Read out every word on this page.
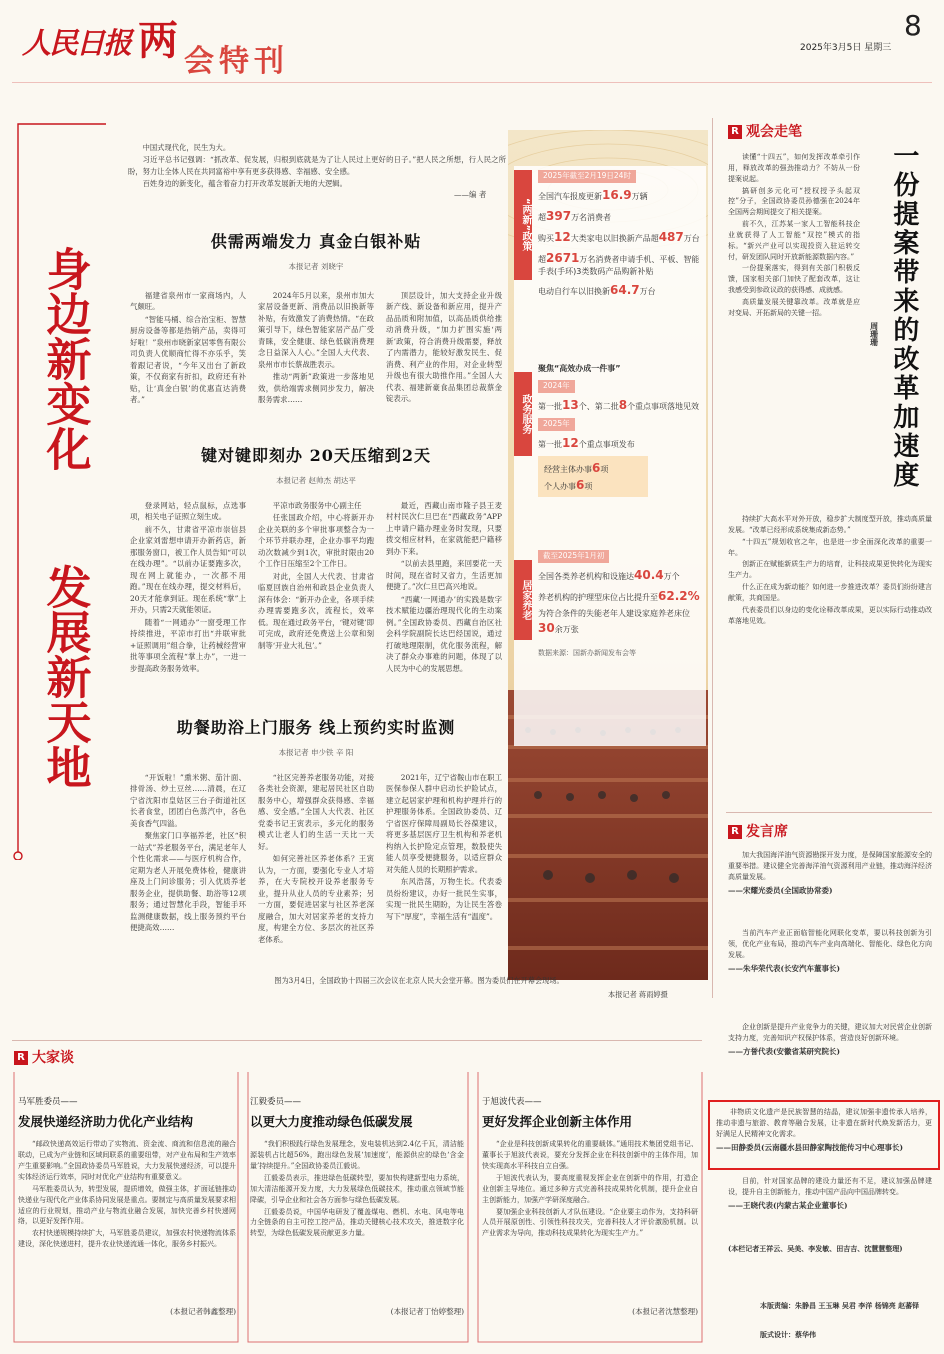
人民日报 两 会特刊
8
2025年3月5日 星期三
身边新变化
发展新天地

中国式现代化，民生为大。

习近平总书记强调：“抓改革、促发展，归根到底就是为了让人民过上更好的日子。”把人民之所想，行人民之所盼，努力让全体人民在共同富裕中享有更多获得感、幸福感、安全感。

百姓身边的新变化，蕴含着奋力打开改革发展新天地的大逻辑。

——编 者
供需两端发力 真金白银补贴
本报记者 刘晓宇

福建省泉州市一家商场内，人气颇旺。

“智能马桶、综合治宝柜、智慧厨房设备等都是热销产品，卖得可好啦！”泉州市晓新家居零售有限公司负责人优顺商忙得不亦乐乎，笑着跟记者说，“今年又出台了新政策，不仅商家有折扣，政府还有补贴，让‘真金白银’的优惠直达消费者。”

2024年5月以来，泉州市加大家居设备更新、消费品以旧换新等补贴，有效激发了消费热情。“在政策引导下，绿色智能家居产品广受青睐，安全健康、绿色低碳消费理念日益深入人心。”全国人大代表、泉州市市长蔡战胜表示。

推动“两新”政策进一步落地见效，供给端需求侧同步发力，解决服务需求……

顶层设计，加大支持企业升级新产线、新设备和新应用，提升产品品质和附加值，以高品质供给推动消费升级，“加力扩围实施‘两新’政策，符合消费升级需要，释放了内需潜力，能较好激发民生、促消费、利产业的作用，对企业转型升级也有很大助推作用。”全国人大代表、福建新豪食品集团总裁蔡金锭表示。

键对键即刻办 20天压缩到2天
本报记者 赵帅杰 胡达平

登录网站，轻点鼠标，点选事项，相关电子证照立刻生成。

前不久，甘肃省平凉市崇信县企业家刘雷想申请开办新药店，新那服务窗口，被工作人员告知“可以在线办理”。“以前办证要跑多次，现在网上就能办，一次都不用跑。”现在在线办理，提交材料后，20天才能拿到证。现在系统“掌”上开办，只需2天就能领证。

随着“一网通办”一窗受理工作持续推进，平凉市打出“并联审批+证照调用”组合拳，让药械经营审批等事项全流程“掌上办”，一进一步提高政务服务效率。

平凉市政务服务中心副主任

任张国政介绍，中心将新开办企业关联的多个审批事项整合为一个环节并联办理，企业办事平均跑动次数减少到1次，审批时限由20个工作日压缩至2个工作日。

对此，全国人大代表、甘肃省临夏回族自治州和政县企业负责人深有体会：“新开办企业，各项手续办理需要跑多次，流程长，效率低。现在通过政务平台，‘键对键’即可完成，政府还免费送上公章和刻制等‘开业大礼包’。”

最近，西藏山南市隆子县王麦村村民次仁旦巴在“西藏政务”APP上申请户籍办理业务时发现，只要拨交相应材料，在家就能把户籍移到办下来。

“以前去县里跑，来回要花一天时间，现在省时又省力，生活更加便捷了。”次仁旦巴高兴地说。

“西藏‘一网通办’的实践是数字技术赋能边疆治理现代化的生动案例。”全国政协委员、西藏自治区社会科学院副院长达巴经国说，通过打破地理限制，优化服务流程，解决了群众办事难的问题，体现了以人民为中心的发展思想。

助餐助浴上门服务 线上预约实时监测
本报记者 申少铁 辛 阳

“开饭啦！”熏米粥、茄汁面、排骨汤、炒土豆丝……清晨，在辽宁省沈阳市皇姑区三台子街道社区长者食堂，团团白色蒸汽中，各色美食香气四溢。

聚焦家门口享福养老，社区“积一站式”养老服务平台，满足老年人个性化需求——与医疗机构合作，定期为老人开展免费体检，健康讲座及上门问诊服务；引入优质养老服务企业，提供助餐、助浴等12项服务；通过智慧化手段，智能手环监测健康数据，线上服务预约平台便捷高效……

“社区完善养老服务功能，对接各类社会资源，建起居民社区自助服务中心，增强群众获得感、幸福感、安全感。”全国人大代表、社区党委书记王寅表示，多元化的服务模式让老人们的生活一天比一天好。

如何完善社区养老体系？王寅认为，一方面，要强化专业人才培养，在大专院校开设养老服务专业，提升从业人员的专业素养；另一方面，要促进居家与社区养老深度融合，加大对居家养老的支持力度，构建全方位、多层次的社区养老体系。

2021年，辽宁省鞍山市在职工医保参保人群中启动长护险试点，建立起居家护理和机构护理并行的护理服务体系。全国政协委员、辽宁省医疗保障局副局长谷葆建议，将更多基层医疗卫生机构和养老机构纳入长护险定点管理，数股使失能人员享受便捷服务，以适应群众对失能人员的长期照护需求。

东风浩荡，万物生长。代表委员纷纷建议，办好一批民生实事，实现一批民生期盼，为让民生答卷写下“厚度”，幸福生活有“温度”。

图为3月4日，全国政协十四届三次会议在北京人民大会堂开幕。图为委员们在开幕会现场。
本报记者 蒋雨婷摄
“两新”政策
2025年截至2月19日24时
全国汽车报废更新16.9万辆
超397万名消费者
购买12大类家电以旧换新产品超487万台
超2671万名消费者申请手机、平板、智能手表(手环)3类数码产品购新补贴
电动自行车以旧换新64.7万台
政务服务
聚焦“高效办成一件事”
2024年
第一批13个、第二批8个重点事项落地见效
2025年
第一批12个重点事项发布
经营主体办事6项
个人办事6项
居家养老
截至2025年1月初
全国各类养老机构和设施达40.4万个
养老机构的护理型床位占比提升至62.2%
为符合条件的失能老年人建设家庭养老床位30余万张
数据来源：国新办新闻发布会等
R 观会走笔
一份提案带来的改革加速度
周珊珊

读懂“十四五”，如何发挥改革牵引作用，释放改革的强劲推动力？不妨从一份提案说起。

搞研创多元化可“授权授予头起双控”分子，全国政协委员孙德强在2024年全国两会期间提交了相关提案。

前不久，江苏某一家人工智能科技企业就获得了人工智能“双控”模式的指标。“新兴产业可以实现投资入驻运转交付，研发团队同时开放新能源数据内容。”

一份提案落实，得到有关部门积极反馈，国家相关部门加快了配套改革，这让我感受到参政议政的获得感、成就感。

高质量发展关键靠改革。改革就是应对变局、开拓新局的关键一招。

持续扩大高水平对外开放，稳步扩大制度型开放，推动高质量发展。“改革已经形成系统集成新态势。”

“十四五”规划收官之年，也是进一步全面深化改革的重要一年。

创新正在赋能新质生产力的培育，让科技成果更快转化为现实生产力。

什么正在成为新动能？如何进一步推进改革？委员们纷纷建言献策，共商国是。

代表委员们以身边的变化诠释改革成果，更以实际行动推动改革落地见效。

R 发言席

加大我国海洋油气资源勘探开发力度，是保障国家能源安全的重要举措。建议健全完善海洋油气资源利用产业链，推动海洋经济高质量发展。

——宋耀光委员(全国政协常委)

当前汽车产业正面临智能化网联化变革，要以科技创新为引领，优化产业布局，推动汽车产业向高端化、智能化、绿色化方向发展。

——朱华荣代表(长安汽车董事长)

企业创新是提升产业竞争力的关键，建议加大对民营企业创新支持力度，完善知识产权保护体系，营造良好创新环境。

——方誉代表(安徽省某研究院长)

非物质文化遗产是民族智慧的结晶，建议加强非遗传承人培养，推动非遗与旅游、教育等融合发展，让非遗在新时代焕发新活力，更好满足人民精神文化需求。

——田静委员(云南疆水县田静家陶技能传习中心理事长)

目前，针对国家品牌的建设力量还有不足，建议加强品牌建设，提升自主创新能力，推动中国产品向中国品牌转变。

——王晓代表(内蒙古某企业董事长)
(本栏记者王祥云、吴美、李发敏、田吉吉、沈慧慧整理)
本版责编：朱静昌 王玉琳 吴君 李洋 杨锦亮 赵蕃铎
版式设计：蔡华伟
R 大家谈
马军胜委员——
发展快递经济助力优化产业结构

“邮政快递高效运行带动了实物流、资金流、商流和信息流的融合联动，已成为产业链和区域间联系的重要纽带，对产业布局和生产效率产生重要影响。”全国政协委员马军胜说，大力发展快递经济，可以提升实体经济运行效率，同时对优化产业结构有重要意义。

马军胜委员认为，转型发展，提质增效，做强主体，扩面延链推动快递业与现代化产业体系协同发展是重点。要制定与高质量发展要求相适应的行业规划，推动产业与物流业融合发展，加快完善乡村快递网络，以更好发挥作用。

农村快递规模持续扩大，马军胜委员建议，加强农村快递物流体系建设，深化快递进村，提升农业快递流通一体化，服务乡村振兴。

(本报记者韩鑫整理)
江毅委员——
以更大力度推动绿色低碳发展

“我们积极践行绿色发展理念，发电装机达到2.4亿千瓦，清洁能源装机占比超56%，跑出绿色发展‘加速度’，能源供应的绿色‘含金量’持续提升。”全国政协委员江毅说。

江毅委员表示，推进绿色低碳转型，要加快构建新型电力系统，加大清洁能源开发力度，大力发展绿色低碳技术，推动重点领域节能降碳，引导企业和社会各方面参与绿色低碳发展。

江毅委员说，中国华电研发了覆盖煤电、燃机、水电、风电等电力全链条的自主可控工控产品，推动关键核心技术攻关，推进数字化转型，为绿色低碳发展贡献更多力量。

(本报记者丁怡婷整理)
于旭波代表——
更好发挥企业创新主体作用

“企业是科技创新成果转化的重要载体。”通用技术集团党组书记、董事长于旭波代表说，要充分发挥企业在科技创新中的主体作用，加快实现高水平科技自立自强。

于旭波代表认为，要高度重视发挥企业在创新中的作用，打造企业创新主导地位。通过多种方式完善科技成果转化机制，提升企业自主创新能力，加强产学研深度融合。

要加强企业科技创新人才队伍建设。“企业要主动作为，支持科研人员开展原创性、引领性科技攻关，完善科技人才评价激励机制。以产业需求为导向，推动科技成果转化为现实生产力。”

(本报记者沈慧整理)
